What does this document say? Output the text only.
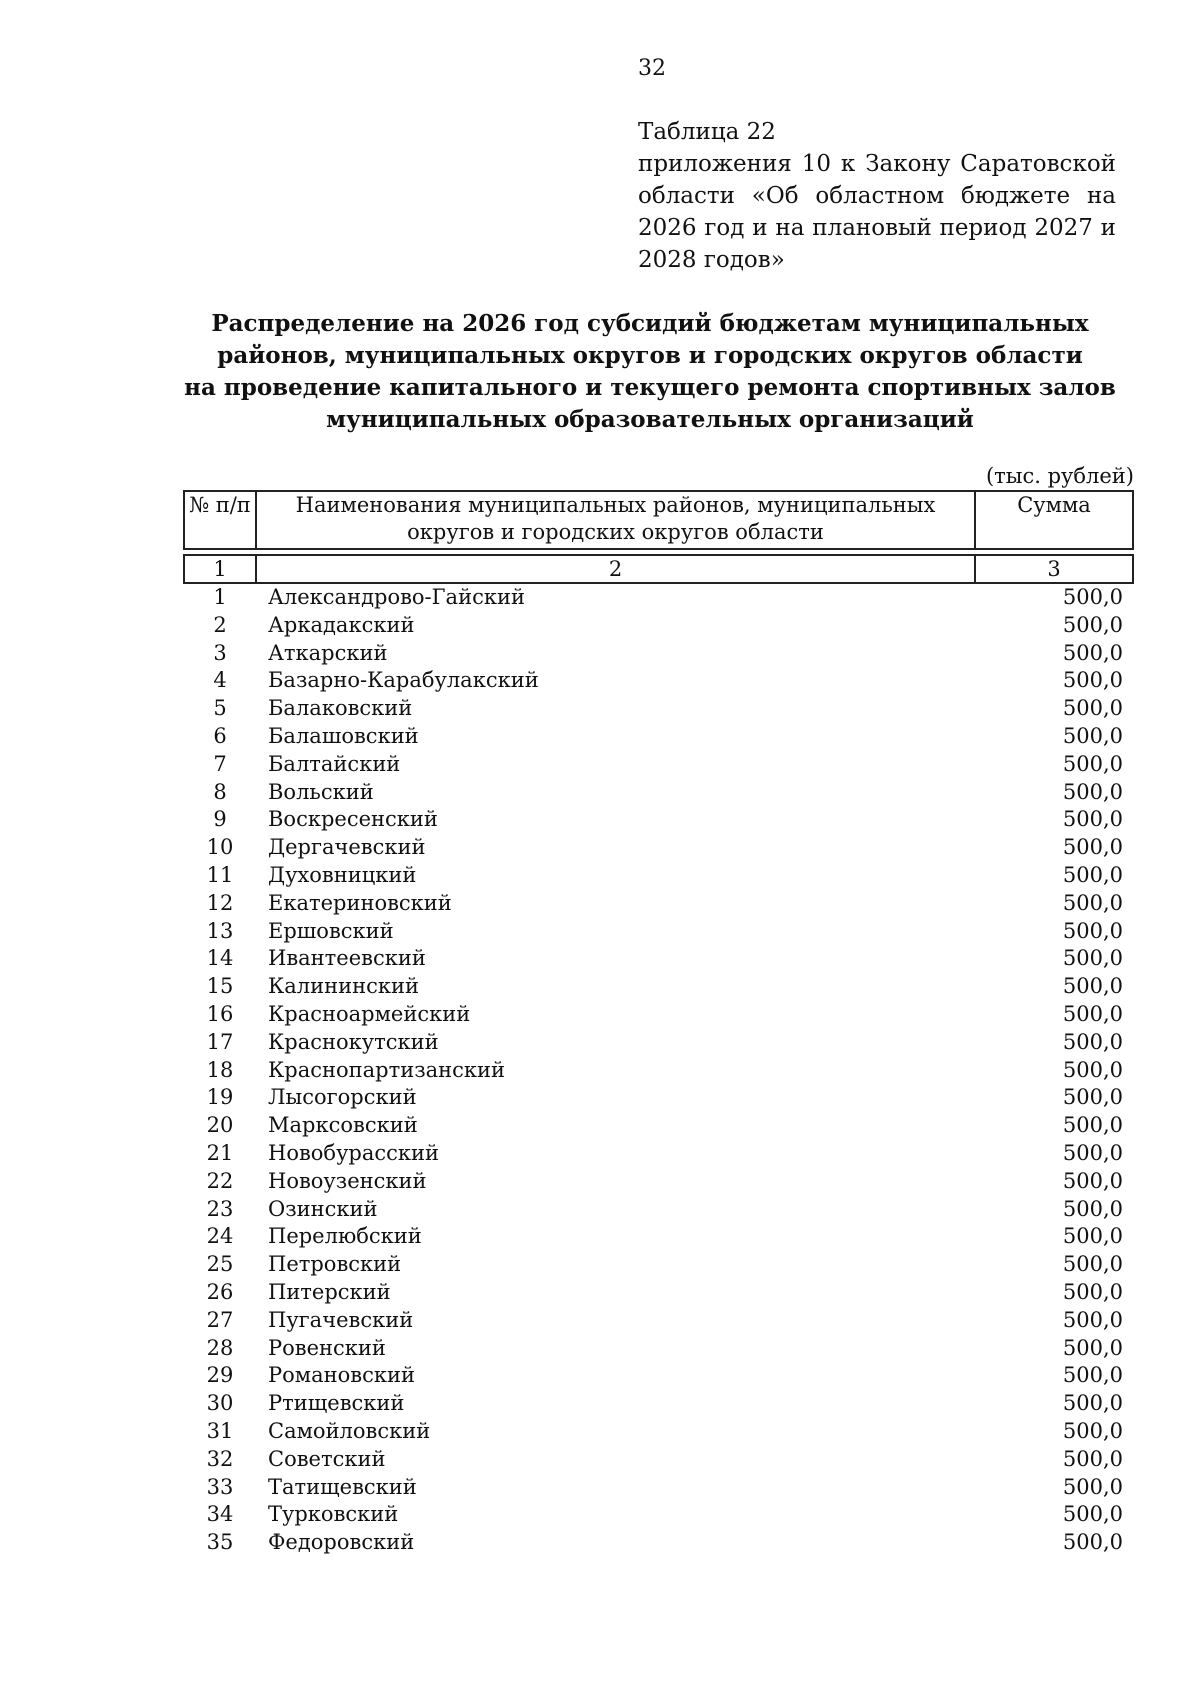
32
Таблица 22
приложения 10 к Закону Саратовской
области «Об областном бюджете на
2026 год и на плановый период 2027 и
2028 годов»
Распределение на 2026 год субсидий бюджетам муниципальных
районов, муниципальных округов и городских округов области
на проведение капитального и текущего ремонта спортивных залов
муниципальных образовательных организаций
(тыс. рублей)
№ п/п	Наименования муниципальных районов, муниципальных округов и городских округов области	Сумма

1	2	3
1	Александрово-Гайский	500,0
2	Аркадакский	500,0
3	Аткарский	500,0
4	Базарно-Карабулакский	500,0
5	Балаковский	500,0
6	Балашовский	500,0
7	Балтайский	500,0
8	Вольский	500,0
9	Воскресенский	500,0
10	Дергачевский	500,0
11	Духовницкий	500,0
12	Екатериновский	500,0
13	Ершовский	500,0
14	Ивантеевский	500,0
15	Калининский	500,0
16	Красноармейский	500,0
17	Краснокутский	500,0
18	Краснопартизанский	500,0
19	Лысогорский	500,0
20	Марксовский	500,0
21	Новобурасский	500,0
22	Новоузенский	500,0
23	Озинский	500,0
24	Перелюбский	500,0
25	Петровский	500,0
26	Питерский	500,0
27	Пугачевский	500,0
28	Ровенский	500,0
29	Романовский	500,0
30	Ртищевский	500,0
31	Самойловский	500,0
32	Советский	500,0
33	Татищевский	500,0
34	Турковский	500,0
35	Федоровский	500,0
